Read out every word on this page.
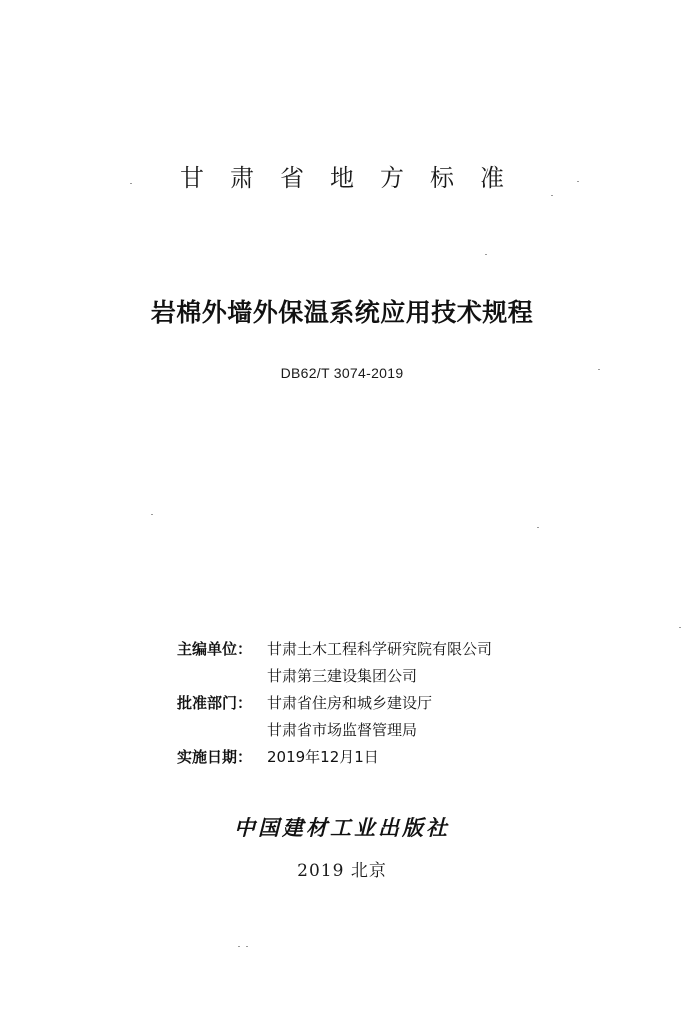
甘肃省地方标准
岩棉外墙外保温系统应用技术规程
DB62/T 3074-2019
主编单位： 甘肃土木工程科学研究院有限公司
甘肃第三建设集团公司
批准部门： 甘肃省住房和城乡建设厅
甘肃省市场监督管理局
实施日期： 2019年12月1日
中国建材工业出版社
2019 北京
